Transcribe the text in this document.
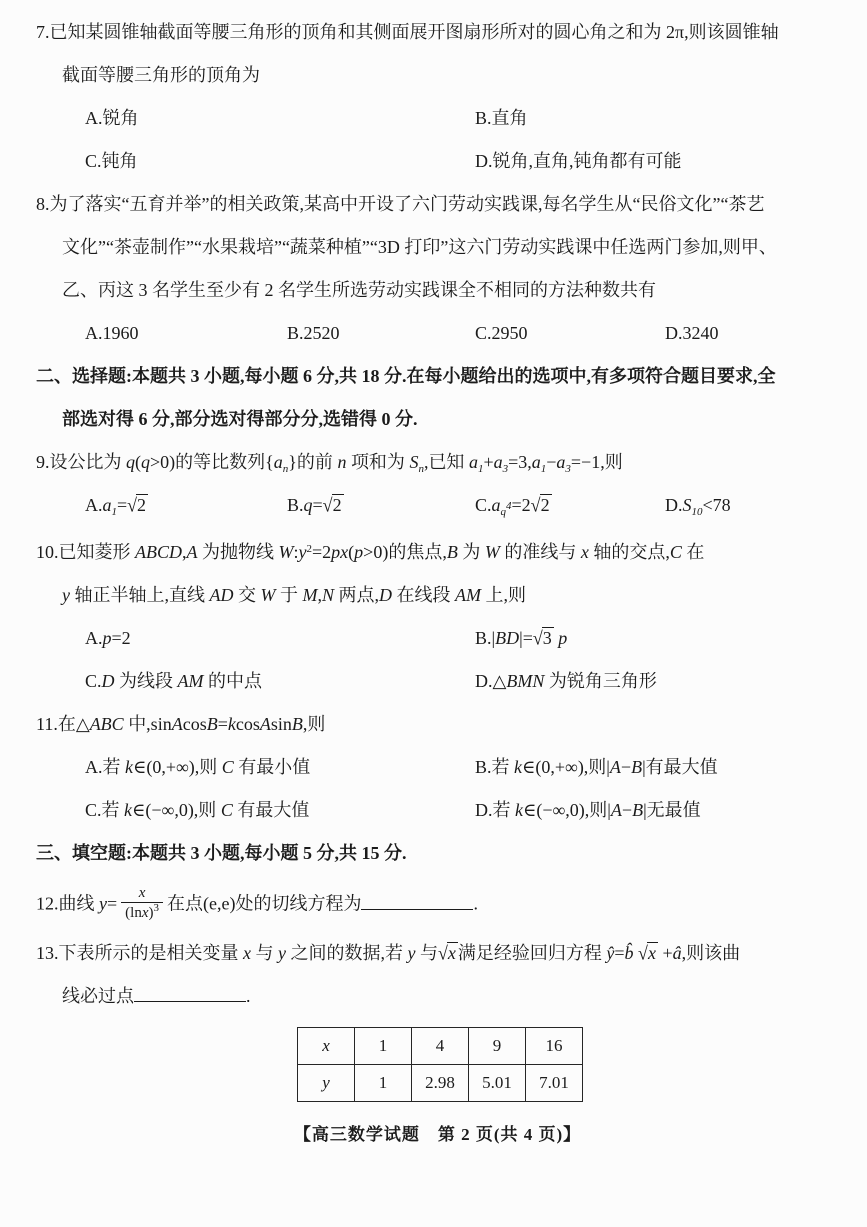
7.已知某圆锥轴截面等腰三角形的顶角和其侧面展开图扇形所对的圆心角之和为 2π,则该圆锥轴
截面等腰三角形的顶角为
A.锐角	B.直角
C.钝角	D.锐角,直角,钝角都有可能
8.为了落实“五育并举”的相关政策,某高中开设了六门劳动实践课,每名学生从“民俗文化”“茶艺
文化”“茶壶制作”“水果栽培”“蔬菜种植”“3D 打印”这六门劳动实践课中任选两门参加,则甲、
乙、丙这 3 名学生至少有 2 名学生所选劳动实践课全不相同的方法种数共有
A.1960	B.2520	C.2950	D.3240
二、选择题:本题共 3 小题,每小题 6 分,共 18 分.在每小题给出的选项中,有多项符合题目要求,全
部选对得 6 分,部分选对得部分分,选错得 0 分.
9.设公比为 q(q>0)的等比数列$\{a_n\}$的前 n 项和为 $S_n$,已知 $a_1+a_3=3,a_1-a_3=-1$,则
$A.a_1=√2$	B.q=√2	$C.a_{q^4}=2√2$	$D.S_{10}<78$
10.已知菱形 ABCD,A 为抛物线 $W:y^2=2px(p>0)$的焦点,B 为 W 的准线与 x 轴的交点,C 在
y 轴正半轴上,直线 AD 交 W 于 M,N 两点,D 在线段 AM 上,则
A.p=2	B.|BD|=√3 p
C.D 为线段 AM 的中点	D.△BMN 为锐角三角形
11.在△ABC 中,sinAcosB=kcosAsinB,则
A.若 k∈(0,+∞),则 C 有最小值	B.若 k∈(0,+∞),则|A−B|有最大值
C.若 k∈(−∞,0),则 C 有最大值	D.若 k∈(−∞,0),则|A−B|无最值
三、填空题:本题共 3 小题,每小题 5 分,共 15 分.
12.曲线 $y= \frac{x}{(\ln x)^3}$ 在点(e,e)处的切线方程为	.
13.下表所示的是相关变量 x 与 y 之间的数据,若 y 与√x 满足经验回归方程 ŷ=b̂ √x +â,则该曲
线必过点	.
x	1	4	9	16
y	1	2.98	5.01	7.01
【高三数学试题　第 2 页(共 4 页)】
